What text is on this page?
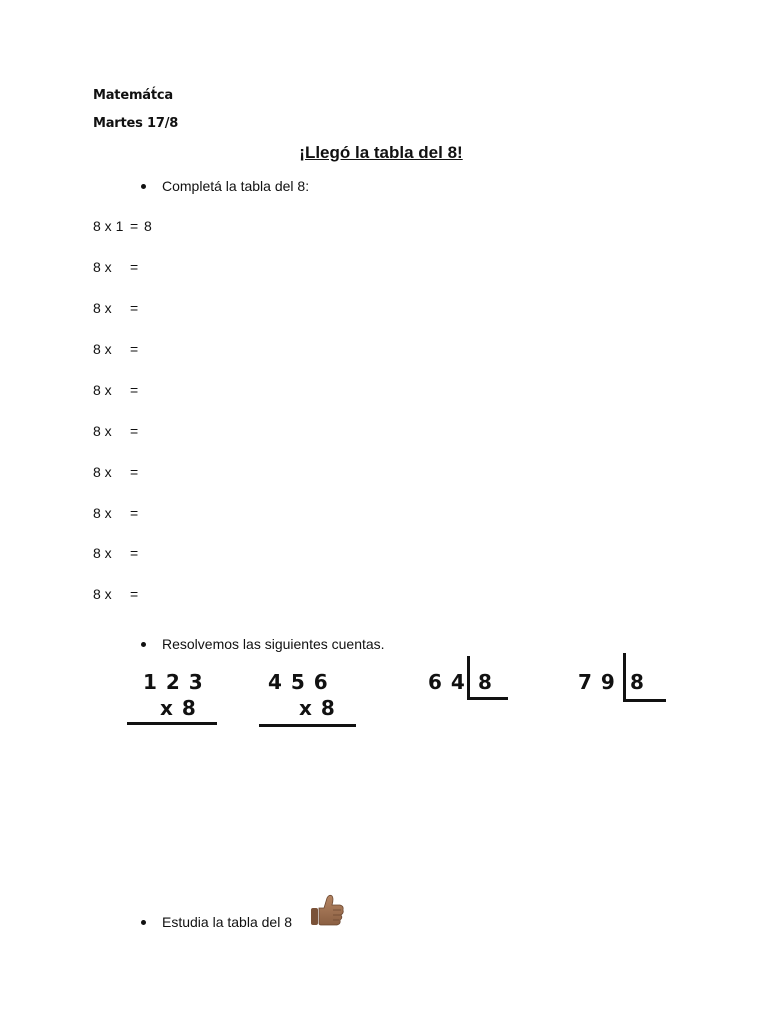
Matemát́ca
Martes 17/8
¡Llegó la tabla del 8!
Completá la tabla del 8:
8 x 1 = 8
8 x =
8 x =
8 x =
8 x =
8 x =
8 x =
8 x =
8 x =
8 x =
Resolvemos las siguientes cuentas.
1 2 3
x 8
4 5 6
x 8
6 4 8	7 9 8
Estudia la tabla del 8
